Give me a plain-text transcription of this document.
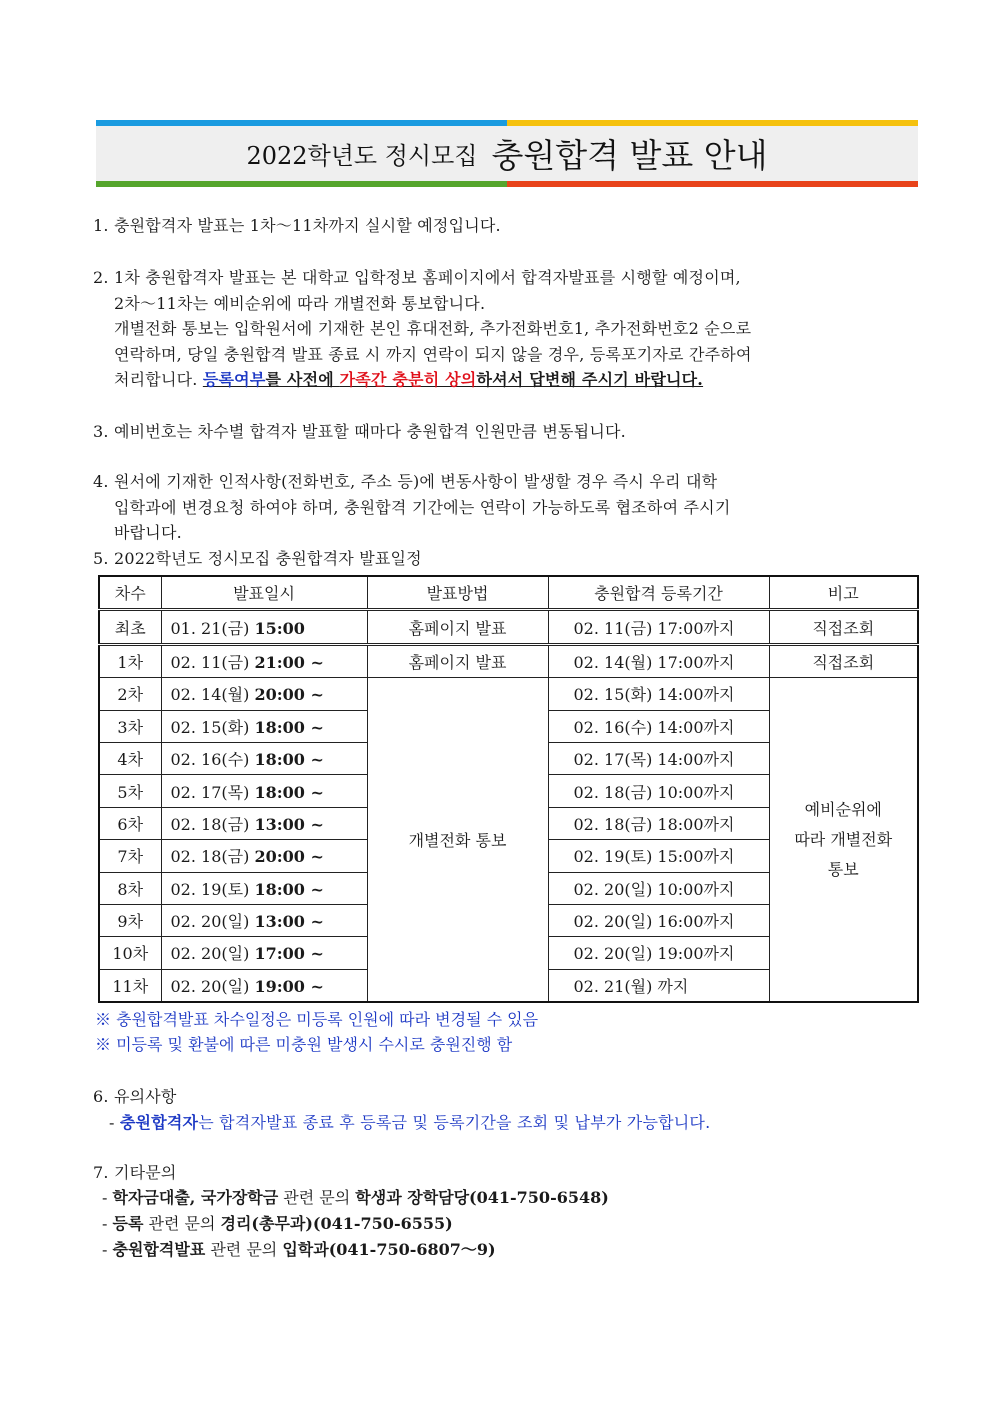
2022학년도 정시모집 충원합격 발표 안내
1. 충원합격자 발표는 1차～11차까지 실시할 예정입니다.
2. 1차 충원합격자 발표는 본 대학교 입학정보 홈페이지에서 합격자발표를 시행할 예정이며,
2차～11차는 예비순위에 따라 개별전화 통보합니다.
개별전화 통보는 입학원서에 기재한 본인 휴대전화, 추가전화번호1, 추가전화번호2 순으로
연락하며, 당일 충원합격 발표 종료 시 까지 연락이 되지 않을 경우, 등록포기자로 간주하여
처리합니다. 등록여부를 사전에 가족간 충분히 상의하셔서 답변해 주시기 바랍니다.
3. 예비번호는 차수별 합격자 발표할 때마다 충원합격 인원만큼 변동됩니다.
4. 원서에 기재한 인적사항(전화번호, 주소 등)에 변동사항이 발생할 경우 즉시 우리 대학
입학과에 변경요청 하여야 하며, 충원합격 기간에는 연락이 가능하도록 협조하여 주시기
바랍니다.
5. 2022학년도 정시모집 충원합격자 발표일정
차수	발표일시	발표방법	충원합격 등록기간	비고
최초	01. 21(금) 15:00	홈페이지 발표	02. 11(금) 17:00까지	직접조회
1차	02. 11(금) 21:00 ~	홈페이지 발표	02. 14(월) 17:00까지	직접조회
2차	02. 14(월) 20:00 ~	개별전화 통보	02. 15(화) 14:00까지	예비순위에
따라 개별전화
통보

3차	02. 15(화) 18:00 ~		02. 16(수) 14:00까지	
4차	02. 16(수) 18:00 ~		02. 17(목) 14:00까지	
5차	02. 17(목) 18:00 ~		02. 18(금) 10:00까지	
6차	02. 18(금) 13:00 ~		02. 18(금) 18:00까지	
7차	02. 18(금) 20:00 ~		02. 19(토) 15:00까지	
8차	02. 19(토) 18:00 ~		02. 20(일) 10:00까지	
9차	02. 20(일) 13:00 ~		02. 20(일) 16:00까지	
10차	02. 20(일) 17:00 ~		02. 20(일) 19:00까지	
11차	02. 20(일) 19:00 ~		02. 21(월) 까지	
※ 충원합격발표 차수일정은 미등록 인원에 따라 변경될 수 있음
※ 미등록 및 환불에 따른 미충원 발생시 수시로 충원진행 함
6. 유의사항
- 충원합격자는 합격자발표 종료 후 등록금 및 등록기간을 조회 및 납부가 가능합니다.
7. 기타문의
- 학자금대출, 국가장학금 관련 문의 학생과 장학담당(041-750-6548)
- 등록 관련 문의 경리(총무과)(041-750-6555)
- 충원합격발표 관련 문의 입학과(041-750-6807～9)
